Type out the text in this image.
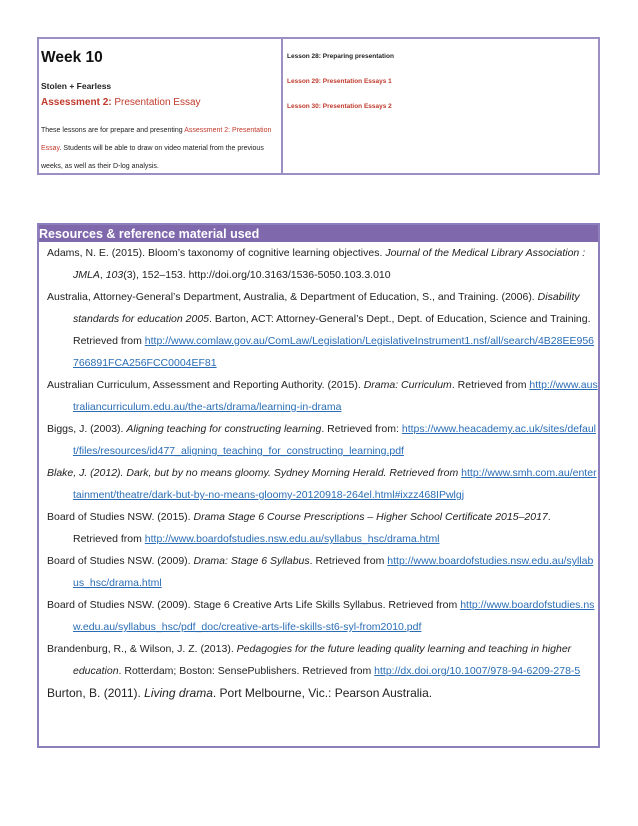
Week 10
Stolen + Fearless
Assessment 2: Presentation Essay
These lessons are for prepare and presenting Assessment 2: Presentation Essay. Students will be able to draw on video material from the previous weeks, as well as their D-log analysis.
Lesson 28: Preparing presentation
Lesson 29: Presentation Essays 1
Lesson 30: Presentation Essays 2
Resources & reference material used

Adams, N. E. (2015). Bloom’s taxonomy of cognitive learning objectives. Journal of the Medical Library Association : JMLA, 103(3), 152–153. http://doi.org/10.3163/1536-5050.103.3.010

Australia, Attorney-General’s Department, Australia, & Department of Education, S., and Training. (2006). Disability standards for education 2005. Barton, ACT: Attorney-General’s Dept., Dept. of Education, Science and Training. Retrieved from http://www.comlaw.gov.au/ComLaw/Legislation/LegislativeInstrument1.nsf/all/search/4B28EE956766891FCA256FCC0004EF81

Australian Curriculum, Assessment and Reporting Authority. (2015). Drama: Curriculum. Retrieved from http://www.australiancurriculum.edu.au/the-arts/drama/learning-in-drama

Biggs, J. (2003). Aligning teaching for constructing learning. Retrieved from: https://www.heacademy.ac.uk/sites/default/files/resources/id477_aligning_teaching_for_constructing_learning.pdf

Blake, J. (2012). Dark, but by no means gloomy. Sydney Morning Herald. Retrieved from http://www.smh.com.au/entertainment/theatre/dark-but-by-no-means-gloomy-20120918-264el.html#ixzz468IPwlgj

Board of Studies NSW. (2015). Drama Stage 6 Course Prescriptions – Higher School Certificate 2015–2017. Retrieved from http://www.boardofstudies.nsw.edu.au/syllabus_hsc/drama.html

Board of Studies NSW. (2009). Drama: Stage 6 Syllabus. Retrieved from http://www.boardofstudies.nsw.edu.au/syllabus_hsc/drama.html

Board of Studies NSW. (2009). Stage 6 Creative Arts Life Skills Syllabus. Retrieved from http://www.boardofstudies.nsw.edu.au/syllabus_hsc/pdf_doc/creative-arts-life-skills-st6-syl-from2010.pdf

Brandenburg, R., & Wilson, J. Z. (2013). Pedagogies for the future leading quality learning and teaching in higher education. Rotterdam; Boston: SensePublishers. Retrieved from http://dx.doi.org/10.1007/978-94-6209-278-5

Burton, B. (2011). Living drama. Port Melbourne, Vic.: Pearson Australia.
